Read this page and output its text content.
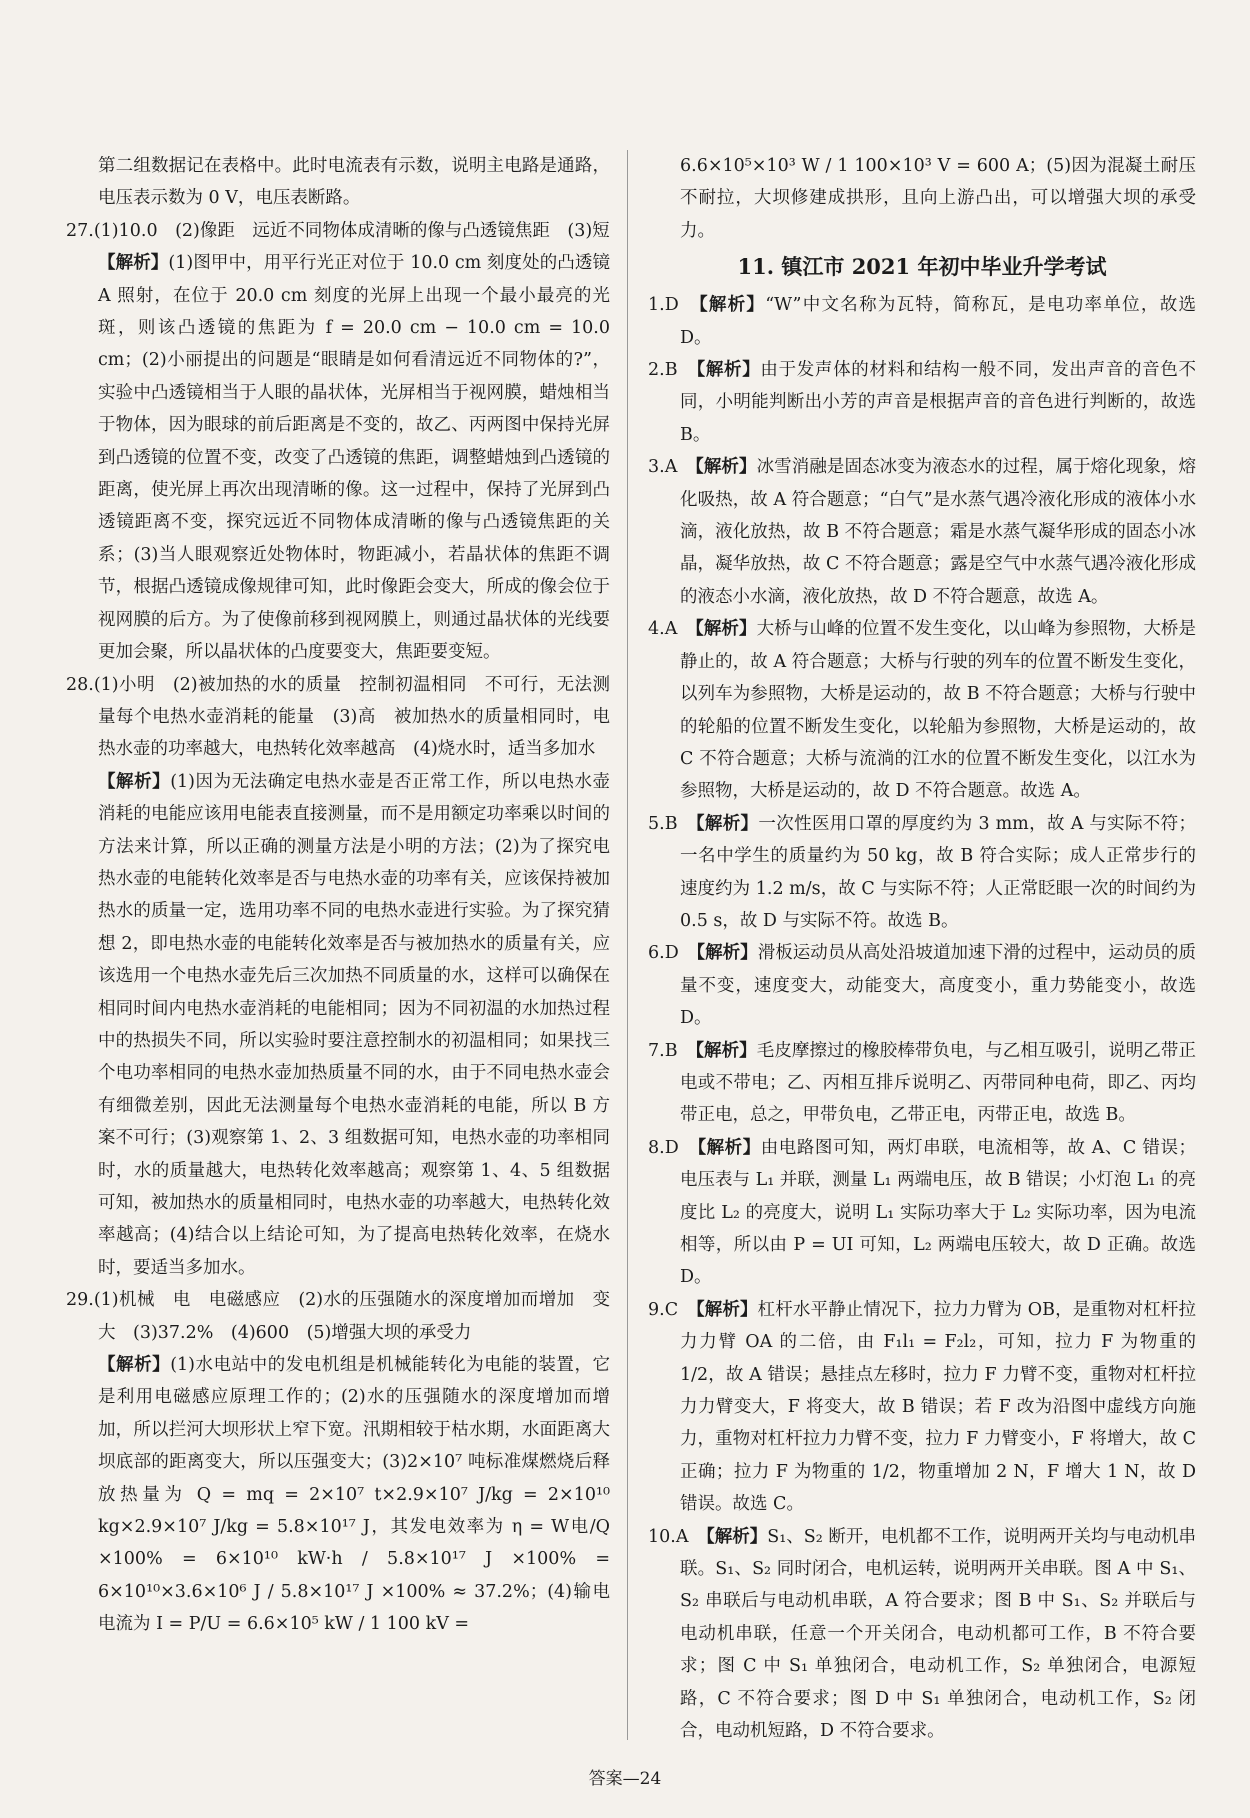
第二组数据记在表格中。此时电流表有示数，说明主电路是通路，电压表示数为 0 V，电压表断路。

27.(1)10.0　(2)像距　远近不同物体成清晰的像与凸透镜焦距　(3)短

【解析】(1)图甲中，用平行光正对位于 10.0 cm 刻度处的凸透镜 A 照射，在位于 20.0 cm 刻度的光屏上出现一个最小最亮的光斑，则该凸透镜的焦距为 f = 20.0 cm − 10.0 cm = 10.0 cm；(2)小丽提出的问题是“眼睛是如何看清远近不同物体的?”，实验中凸透镜相当于人眼的晶状体，光屏相当于视网膜，蜡烛相当于物体，因为眼球的前后距离是不变的，故乙、丙两图中保持光屏到凸透镜的位置不变，改变了凸透镜的焦距，调整蜡烛到凸透镜的距离，使光屏上再次出现清晰的像。这一过程中，保持了光屏到凸透镜距离不变，探究远近不同物体成清晰的像与凸透镜焦距的关系；(3)当人眼观察近处物体时，物距减小，若晶状体的焦距不调节，根据凸透镜成像规律可知，此时像距会变大，所成的像会位于视网膜的后方。为了使像前移到视网膜上，则通过晶状体的光线要更加会聚，所以晶状体的凸度要变大，焦距要变短。

28.(1)小明　(2)被加热的水的质量　控制初温相同　不可行，无法测量每个电热水壶消耗的能量　(3)高　被加热水的质量相同时，电热水壶的功率越大，电热转化效率越高　(4)烧水时，适当多加水

【解析】(1)因为无法确定电热水壶是否正常工作，所以电热水壶消耗的电能应该用电能表直接测量，而不是用额定功率乘以时间的方法来计算，所以正确的测量方法是小明的方法；(2)为了探究电热水壶的电能转化效率是否与电热水壶的功率有关，应该保持被加热水的质量一定，选用功率不同的电热水壶进行实验。为了探究猜想 2，即电热水壶的电能转化效率是否与被加热水的质量有关，应该选用一个电热水壶先后三次加热不同质量的水，这样可以确保在相同时间内电热水壶消耗的电能相同；因为不同初温的水加热过程中的热损失不同，所以实验时要注意控制水的初温相同；如果找三个电功率相同的电热水壶加热质量不同的水，由于不同电热水壶会有细微差别，因此无法测量每个电热水壶消耗的电能，所以 B 方案不可行；(3)观察第 1、2、3 组数据可知，电热水壶的功率相同时，水的质量越大，电热转化效率越高；观察第 1、4、5 组数据可知，被加热水的质量相同时，电热水壶的功率越大，电热转化效率越高；(4)结合以上结论可知，为了提高电热转化效率，在烧水时，要适当多加水。

29.(1)机械　电　电磁感应　(2)水的压强随水的深度增加而增加　变大　(3)37.2%　(4)600　(5)增强大坝的承受力

【解析】(1)水电站中的发电机组是机械能转化为电能的装置，它是利用电磁感应原理工作的；(2)水的压强随水的深度增加而增加，所以拦河大坝形状上窄下宽。汛期相较于枯水期，水面距离大坝底部的距离变大，所以压强变大；(3)2×10⁷ 吨标准煤燃烧后释放热量为 Q = mq = 2×10⁷ t×2.9×10⁷ J/kg = 2×10¹⁰ kg×2.9×10⁷ J/kg = 5.8×10¹⁷ J，其发电效率为 η = W电/Q ×100% = 6×10¹⁰ kW·h / 5.8×10¹⁷ J ×100% = 6×10¹⁰×3.6×10⁶ J / 5.8×10¹⁷ J ×100% ≈ 37.2%；(4)输电电流为 I = P/U = 6.6×10⁵ kW / 1 100 kV =

6.6×10⁵×10³ W / 1 100×10³ V = 600 A；(5)因为混凝土耐压不耐拉，大坝修建成拱形，且向上游凸出，可以增强大坝的承受力。

11. 镇江市 2021 年初中毕业升学考试

1.D　【解析】“W”中文名称为瓦特，简称瓦，是电功率单位，故选 D。

2.B　【解析】由于发声体的材料和结构一般不同，发出声音的音色不同，小明能判断出小芳的声音是根据声音的音色进行判断的，故选 B。

3.A　【解析】冰雪消融是固态冰变为液态水的过程，属于熔化现象，熔化吸热，故 A 符合题意；“白气”是水蒸气遇冷液化形成的液体小水滴，液化放热，故 B 不符合题意；霜是水蒸气凝华形成的固态小冰晶，凝华放热，故 C 不符合题意；露是空气中水蒸气遇冷液化形成的液态小水滴，液化放热，故 D 不符合题意，故选 A。

4.A　【解析】大桥与山峰的位置不发生变化，以山峰为参照物，大桥是静止的，故 A 符合题意；大桥与行驶的列车的位置不断发生变化，以列车为参照物，大桥是运动的，故 B 不符合题意；大桥与行驶中的轮船的位置不断发生变化，以轮船为参照物，大桥是运动的，故 C 不符合题意；大桥与流淌的江水的位置不断发生变化，以江水为参照物，大桥是运动的，故 D 不符合题意。故选 A。

5.B　【解析】一次性医用口罩的厚度约为 3 mm，故 A 与实际不符；一名中学生的质量约为 50 kg，故 B 符合实际；成人正常步行的速度约为 1.2 m/s，故 C 与实际不符；人正常眨眼一次的时间约为 0.5 s，故 D 与实际不符。故选 B。

6.D　【解析】滑板运动员从高处沿坡道加速下滑的过程中，运动员的质量不变，速度变大，动能变大，高度变小，重力势能变小，故选 D。

7.B　【解析】毛皮摩擦过的橡胶棒带负电，与乙相互吸引，说明乙带正电或不带电；乙、丙相互排斥说明乙、丙带同种电荷，即乙、丙均带正电，总之，甲带负电，乙带正电，丙带正电，故选 B。

8.D　【解析】由电路图可知，两灯串联，电流相等，故 A、C 错误；电压表与 L₁ 并联，测量 L₁ 两端电压，故 B 错误；小灯泡 L₁ 的亮度比 L₂ 的亮度大，说明 L₁ 实际功率大于 L₂ 实际功率，因为电流相等，所以由 P = UI 可知，L₂ 两端电压较大，故 D 正确。故选 D。

9.C　【解析】杠杆水平静止情况下，拉力力臂为 OB，是重物对杠杆拉力力臂 OA 的二倍，由 F₁l₁ = F₂l₂，可知，拉力 F 为物重的 1/2，故 A 错误；悬挂点左移时，拉力 F 力臂不变，重物对杠杆拉力力臂变大，F 将变大，故 B 错误；若 F 改为沿图中虚线方向施力，重物对杠杆拉力力臂不变，拉力 F 力臂变小，F 将增大，故 C 正确；拉力 F 为物重的 1/2，物重增加 2 N，F 增大 1 N，故 D 错误。故选 C。

10.A　【解析】S₁、S₂ 断开，电机都不工作，说明两开关均与电动机串联。S₁、S₂ 同时闭合，电机运转，说明两开关串联。图 A 中 S₁、S₂ 串联后与电动机串联，A 符合要求；图 B 中 S₁、S₂ 并联后与电动机串联，任意一个开关闭合，电动机都可工作，B 不符合要求；图 C 中 S₁ 单独闭合，电动机工作，S₂ 单独闭合，电源短路，C 不符合要求；图 D 中 S₁ 单独闭合，电动机工作，S₂ 闭合，电动机短路，D 不符合要求。

答案—24
